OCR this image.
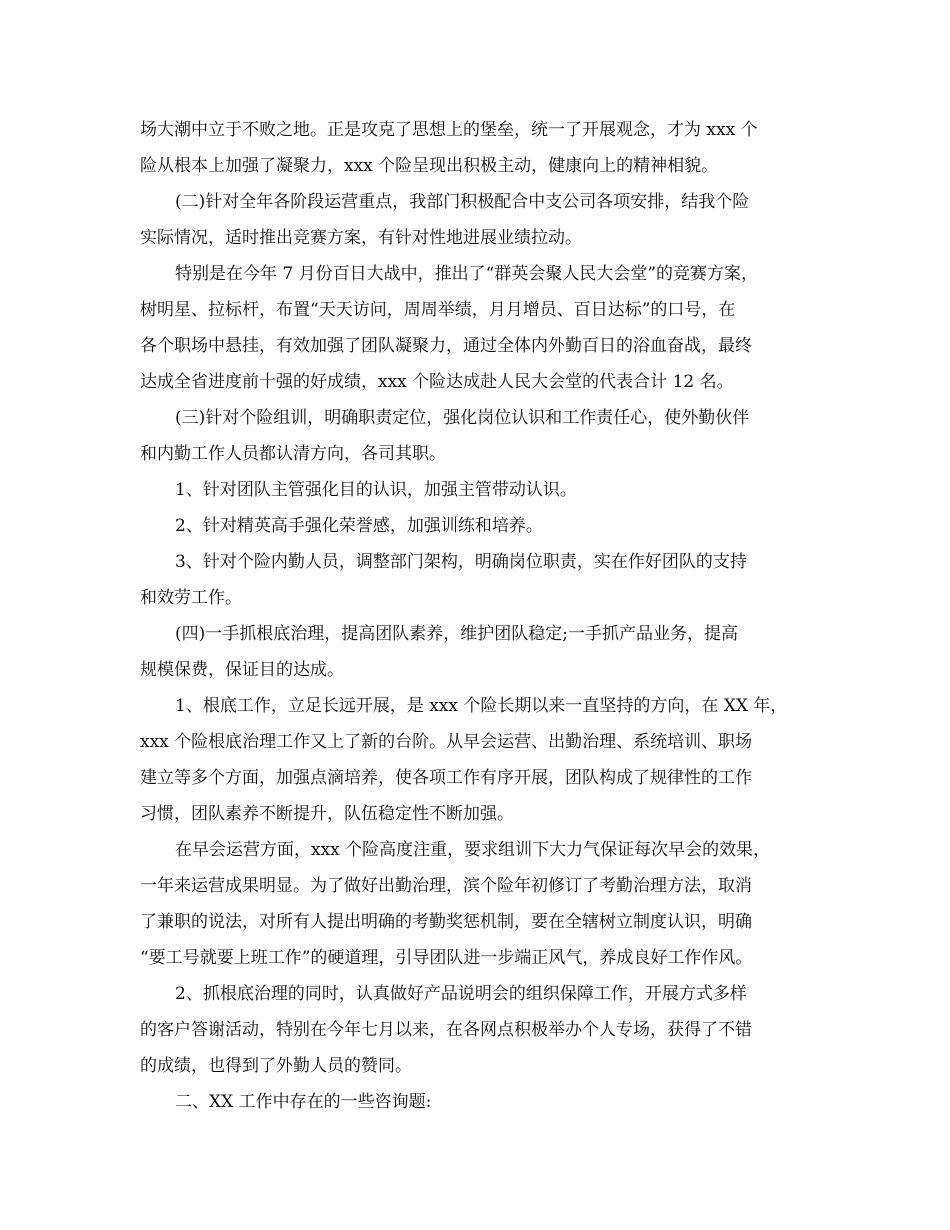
场大潮中立于不败之地。正是攻克了思想上的堡垒，统一了开展观念，才为 xxx 个
险从根本上加强了凝聚力，xxx 个险呈现出积极主动，健康向上的精神相貌。
(二)针对全年各阶段运营重点，我部门积极配合中支公司各项安排，结我个险
实际情况，适时推出竞赛方案，有针对性地进展业绩拉动。
特别是在今年 7 月份百日大战中，推出了“群英会聚人民大会堂”的竞赛方案，
树明星、拉标杆，布置“天天访问，周周举绩，月月增员、百日达标”的口号，在
各个职场中悬挂，有效加强了团队凝聚力，通过全体内外勤百日的浴血奋战，最终
达成全省进度前十强的好成绩，xxx 个险达成赴人民大会堂的代表合计 12 名。
(三)针对个险组训，明确职责定位，强化岗位认识和工作责任心，使外勤伙伴
和内勤工作人员都认清方向，各司其职。
1、针对团队主管强化目的认识，加强主管带动认识。
2、针对精英高手强化荣誉感，加强训练和培养。
3、针对个险内勤人员，调整部门架构，明确岗位职责，实在作好团队的支持
和效劳工作。
(四)一手抓根底治理，提高团队素养，维护团队稳定;一手抓产品业务，提高
规模保费，保证目的达成。
1、根底工作，立足长远开展，是 xxx 个险长期以来一直坚持的方向，在 XX 年，
xxx 个险根底治理工作又上了新的台阶。从早会运营、出勤治理、系统培训、职场
建立等多个方面，加强点滴培养，使各项工作有序开展，团队构成了规律性的工作
习惯，团队素养不断提升，队伍稳定性不断加强。
在早会运营方面，xxx 个险高度注重，要求组训下大力气保证每次早会的效果，
一年来运营成果明显。为了做好出勤治理，滨个险年初修订了考勤治理方法，取消
了兼职的说法，对所有人提出明确的考勤奖惩机制，要在全辖树立制度认识，明确
“要工号就要上班工作”的硬道理，引导团队进一步端正风气，养成良好工作作风。
2、抓根底治理的同时，认真做好产品说明会的组织保障工作，开展方式多样
的客户答谢活动，特别在今年七月以来，在各网点积极举办个人专场，获得了不错
的成绩，也得到了外勤人员的赞同。
二、XX 工作中存在的一些咨询题:
